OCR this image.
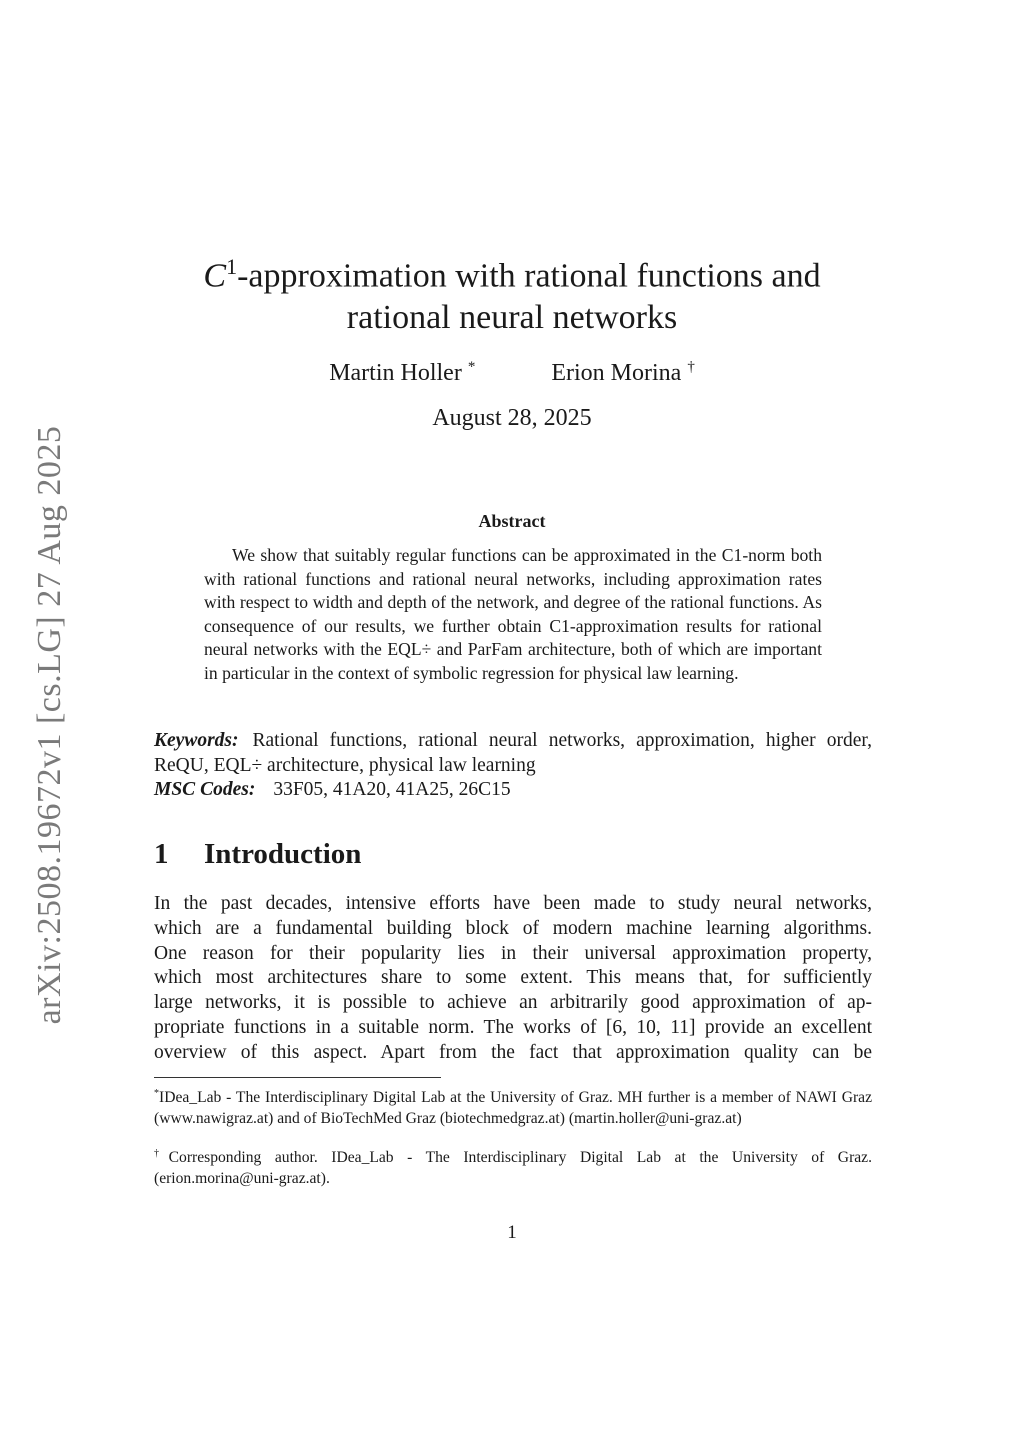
arXiv:2508.19672v1 [cs.LG] 27 Aug 2025
$C^1$-approximation with rational functions and
rational neural networks
Martin Holler *	Erion Morina †
August 28, 2025
Abstract
We show that suitably regular functions can be approximated in the C1-norm both with rational functions and rational neural networks, including approximation rates with respect to width and depth of the network, and degree of the rational functions. As consequence of our results, we further obtain C1-approximation results for rational neural networks with the EQL÷ and ParFam architecture, both of which are important in particular in the context of symbolic regression for physical law learning.
Keywords: Rational functions, rational neural networks, approximation, higher order, ReQU, EQL÷ architecture, physical law learning
MSC Codes: 33F05, 41A20, 41A25, 26C15
1 Introduction
In the past decades, intensive efforts have been made to study neural networks,
which are a fundamental building block of modern machine learning algorithms.
One reason for their popularity lies in their universal approximation property,
which most architectures share to some extent. This means that, for sufficiently
large networks, it is possible to achieve an arbitrarily good approximation of ap-
propriate functions in a suitable norm. The works of [6, 10, 11] provide an excellent
overview of this aspect. Apart from the fact that approximation quality can be
*IDea_Lab - The Interdisciplinary Digital Lab at the University of Graz. MH further is a member of NAWI Graz (www.nawigraz.at) and of BioTechMed Graz (biotechmedgraz.at) (martin.holler@uni-graz.at)
†Corresponding author. IDea_Lab - The Interdisciplinary Digital Lab at the University of Graz. (erion.morina@uni-graz.at).
1
